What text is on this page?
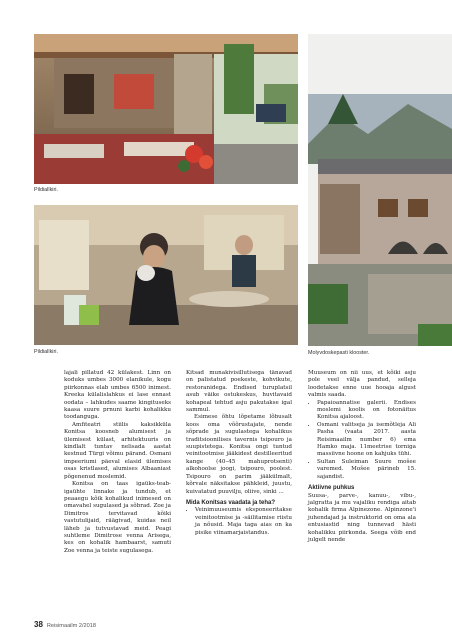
Pildiallkiri.
Pildiallkiri.	Molyvdoskepasti klooster.

lajali pillatud 42 külakest. Linn on koduks umbes 3000 elanikule, kogu piirkonnas elab umbes 6500 inimest. Kreeka külalislahkus ei lase ennast oodata – lahkudes saame kingituseks kaasa suure prnuni karbi kohalikku toodanguga.

Amfiteatri stiilis kaksikküla Konitsa koosneb alumisest ja ülemisest külast, arhitektuuris on kindlalt tuntav nelisada aastat kestnud Türgi võimu pärand. Osmani impeeriumi päeval elasid ülemises osas kristlased, alumises Albaaniast põgenenud moslemid.

Konitsa on taas igaüks-teab-igaühte linnake ja tundub, et peaaegu kõik kohalikud inimesed on omavahel sugulased ja sõbrad. Zoe ja Dimitros tervitavad kõiki vastutulijaid, räägivad, kuidas neil läheb ja tutvustavad meid. Peagi suhtleme Dimitrose venna Arisega, kes on kohalik hambaarst, samuti Zoe venna ja teiste sugulasega.

Kitsad munakivisillutisega tänavad on palistatud poekeste, kohvikute, restoranidega. Endised turuplatsil asub väike ostukeskus, huvitavaid kohapeal tehtud asju pakutakse igal sammul.

Esimese õhtu lõpetame lõbusalt koos oma võõrustajate, nende sõprade ja sugulastega kohalikus traditsioonilises tavernis tsipouro ja suupistetega. Konitsa ongi tuntud veinitootmise jääkidest destilleeritud kange (40–45 mahuprotsenti) alkohoolse joogi, tsipouro, poolest. Tsipouro on parim jääkülmalt, kõrvale näksitakse pähkleid, juustu, kuivatatud puuvilju, oliive, sinki ...

Mida Konitsas vaadata ja teha?
• Veinimuuseumis eksponeeritakse veinitootmise ja -säilitamise riistu ja nõusid. Maja taga aias on ka pisike viinamarjaistandus.

Muuseum on nii uus, et kõiki asju pole veel välja pandud, selleja loodetakse enne uue hooaja algust valmis saada.

• Papaioannatise galerii. Endises moslemi koolis on fotonäitus Konitsa ajaloost.
• Osmani valitseja ja isemõtleja Ali Pasha (vaata 2017. aasta Reisimaailm number 6) ema Hamko maja. 11meetrise torniga massiivne hoone on kahjuks tühi.
• Sultan Suleiman Suure mošee varemed. Mošee pärineb 15. sajandist.
Aktiivne puhkus

Suusa-, parve-, kanuu-, vibu-, jalgratta ja mu vajaliku rendiga aitab kohalik firma Alpinezone. Alpinzone'i juhendajad ja instruktorid on oma ala entusiastid ning tunnevad hästi kohalikku piirkonda. Seega võib end julgelt nende

38 Reisimaailm 2/2018
